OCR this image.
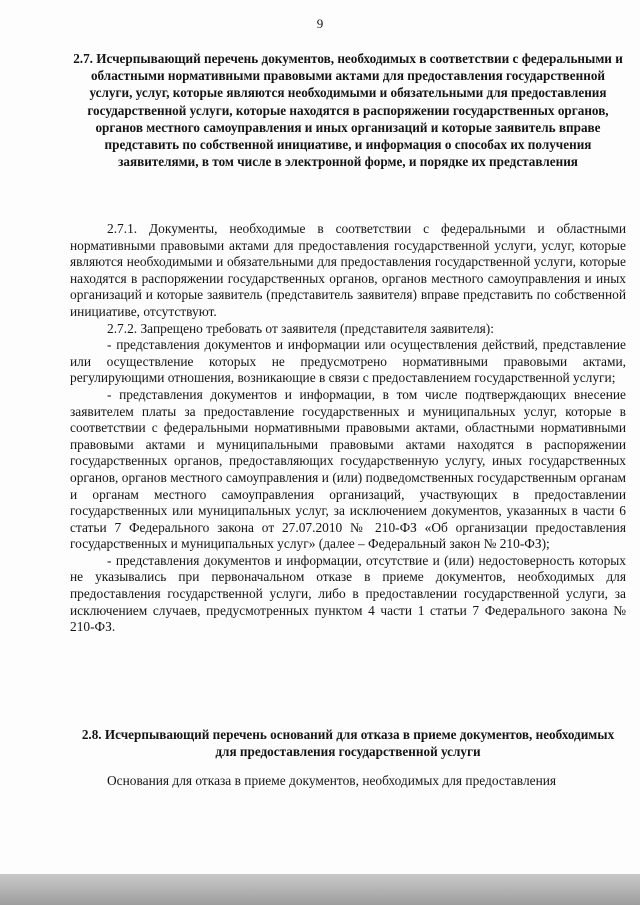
9
2.7. Исчерпывающий перечень документов, необходимых в соответствии с федеральными и областными нормативными правовыми актами для предоставления государственной услуги, услуг, которые являются необходимыми и обязательными для предоставления государственной услуги, которые находятся в распоряжении государственных органов, органов местного самоуправления и иных организаций и которые заявитель вправе представить по собственной инициативе, и информация о способах их получения заявителями, в том числе в электронной форме, и порядке их представления

2.7.1. Документы, необходимые в соответствии с федеральными и областными нормативными правовыми актами для предоставления государственной услуги, услуг, которые являются необходимыми и обязательными для предоставления государственной услуги, которые находятся в распоряжении государственных органов, органов местного самоуправления и иных организаций и которые заявитель (представитель заявителя) вправе представить по собственной инициативе, отсутствуют.

2.7.2. Запрещено требовать от заявителя (представителя заявителя):

- представления документов и информации или осуществления действий, представление или осуществление которых не предусмотрено нормативными правовыми актами, регулирующими отношения, возникающие в связи с предоставлением государственной услуги;

- представления документов и информации, в том числе подтверждающих внесение заявителем платы за предоставление государственных и муниципальных услуг, которые в соответствии с федеральными нормативными правовыми актами, областными нормативными правовыми актами и муниципальными правовыми актами находятся в распоряжении государственных органов, предоставляющих государственную услугу, иных государственных органов, органов местного самоуправления и (или) подведомственных государственным органам и органам местного самоуправления организаций, участвующих в предоставлении государственных или муниципальных услуг, за исключением документов, указанных в части 6 статьи 7 Федерального закона от 27.07.2010 № 210-ФЗ «Об организации предоставления государственных и муниципальных услуг» (далее – Федеральный закон № 210-ФЗ);

- представления документов и информации, отсутствие и (или) недостоверность которых не указывались при первоначальном отказе в приеме документов, необходимых для предоставления государственной услуги, либо в предоставлении государственной услуги, за исключением случаев, предусмотренных пунктом 4 части 1 статьи 7 Федерального закона № 210-ФЗ.

2.8. Исчерпывающий перечень оснований для отказа в приеме документов, необходимых для предоставления государственной услуги

Основания для отказа в приеме документов, необходимых для предоставления
